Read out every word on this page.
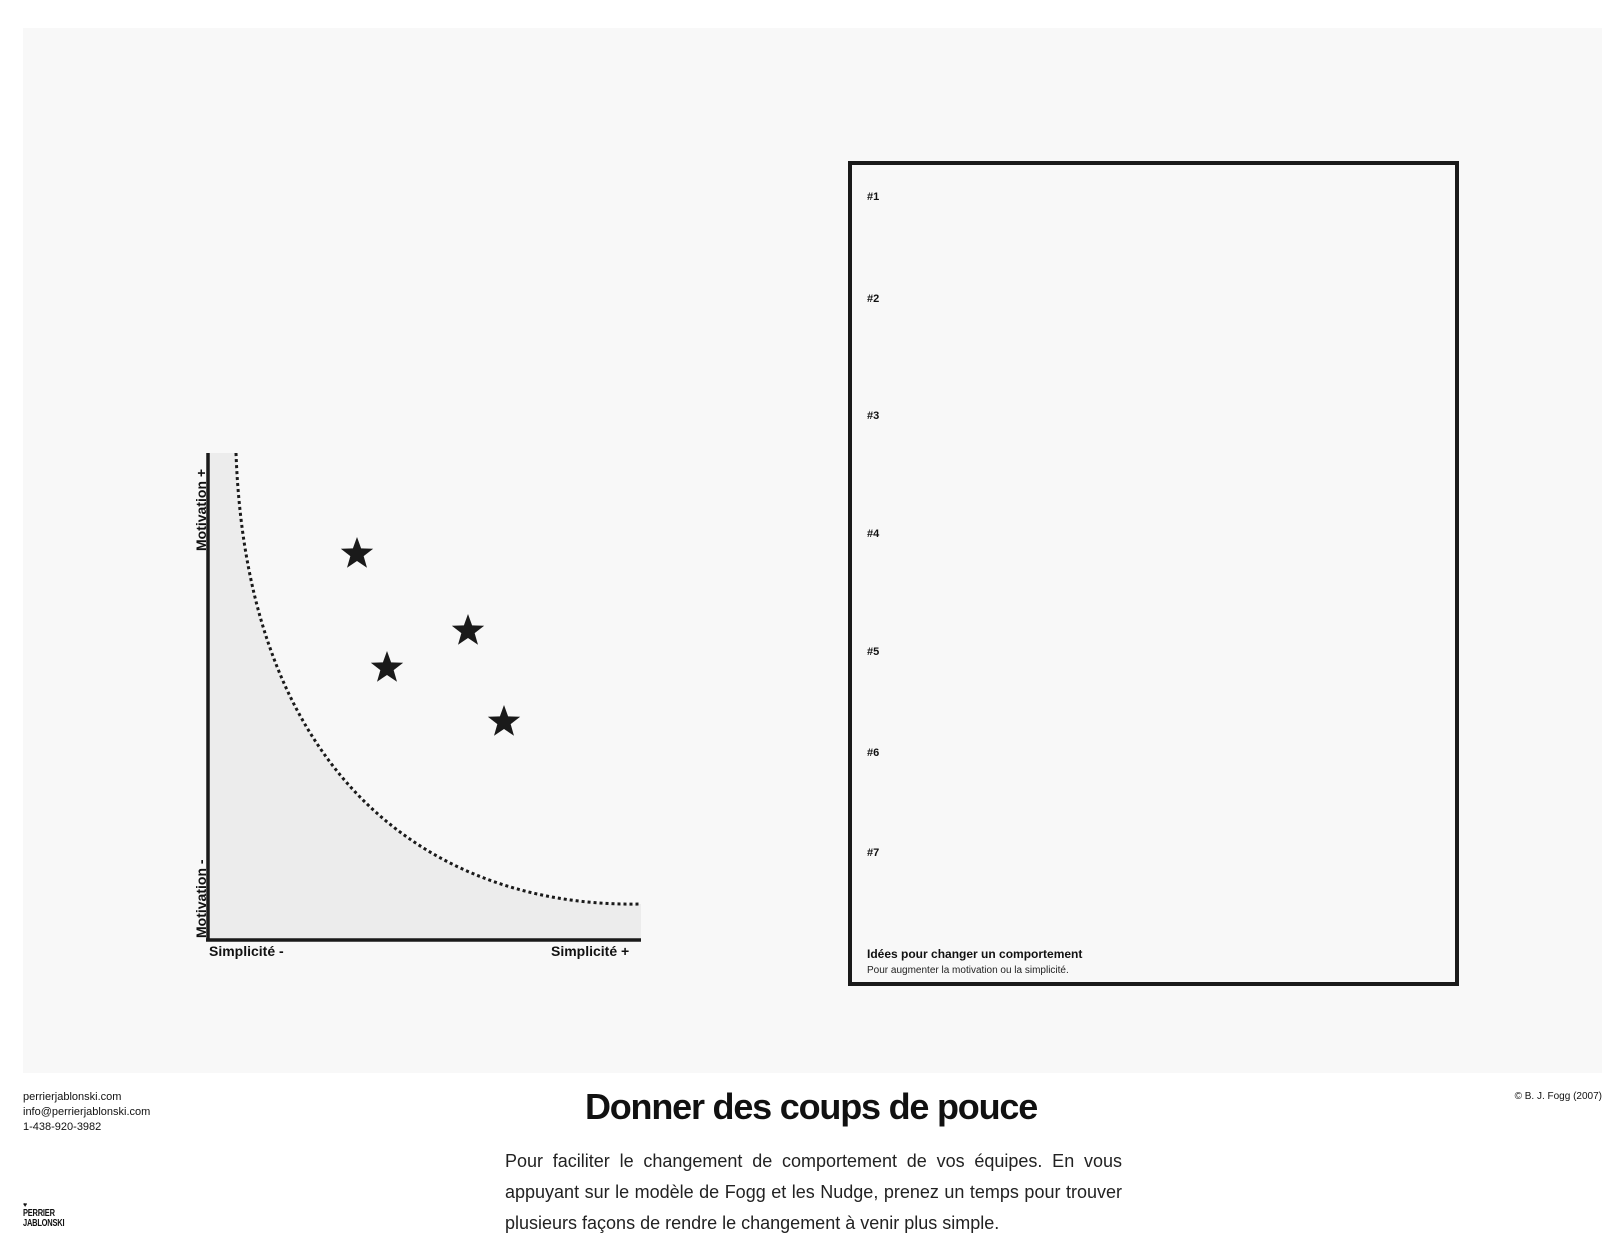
Motivation +
Motivation -
Simplicité -	Simplicité +
#1
#2
#3
#4
#5
#6
#7
Idées pour changer un comportement
Pour augmenter la motivation ou la simplicité.
perrierjablonski.com
info@perrierjablonski.com
1-438-920-3982
© B. J. Fogg (2007)
Donner des coups de pouce
Pour faciliter le changement de comportement de vos équipes. En vous appuyant sur le modèle de Fogg et les Nudge, prenez un temps pour trouver plusieurs façons de rendre le changement à venir plus simple.
♥
PERRIER
JABLONSKI
